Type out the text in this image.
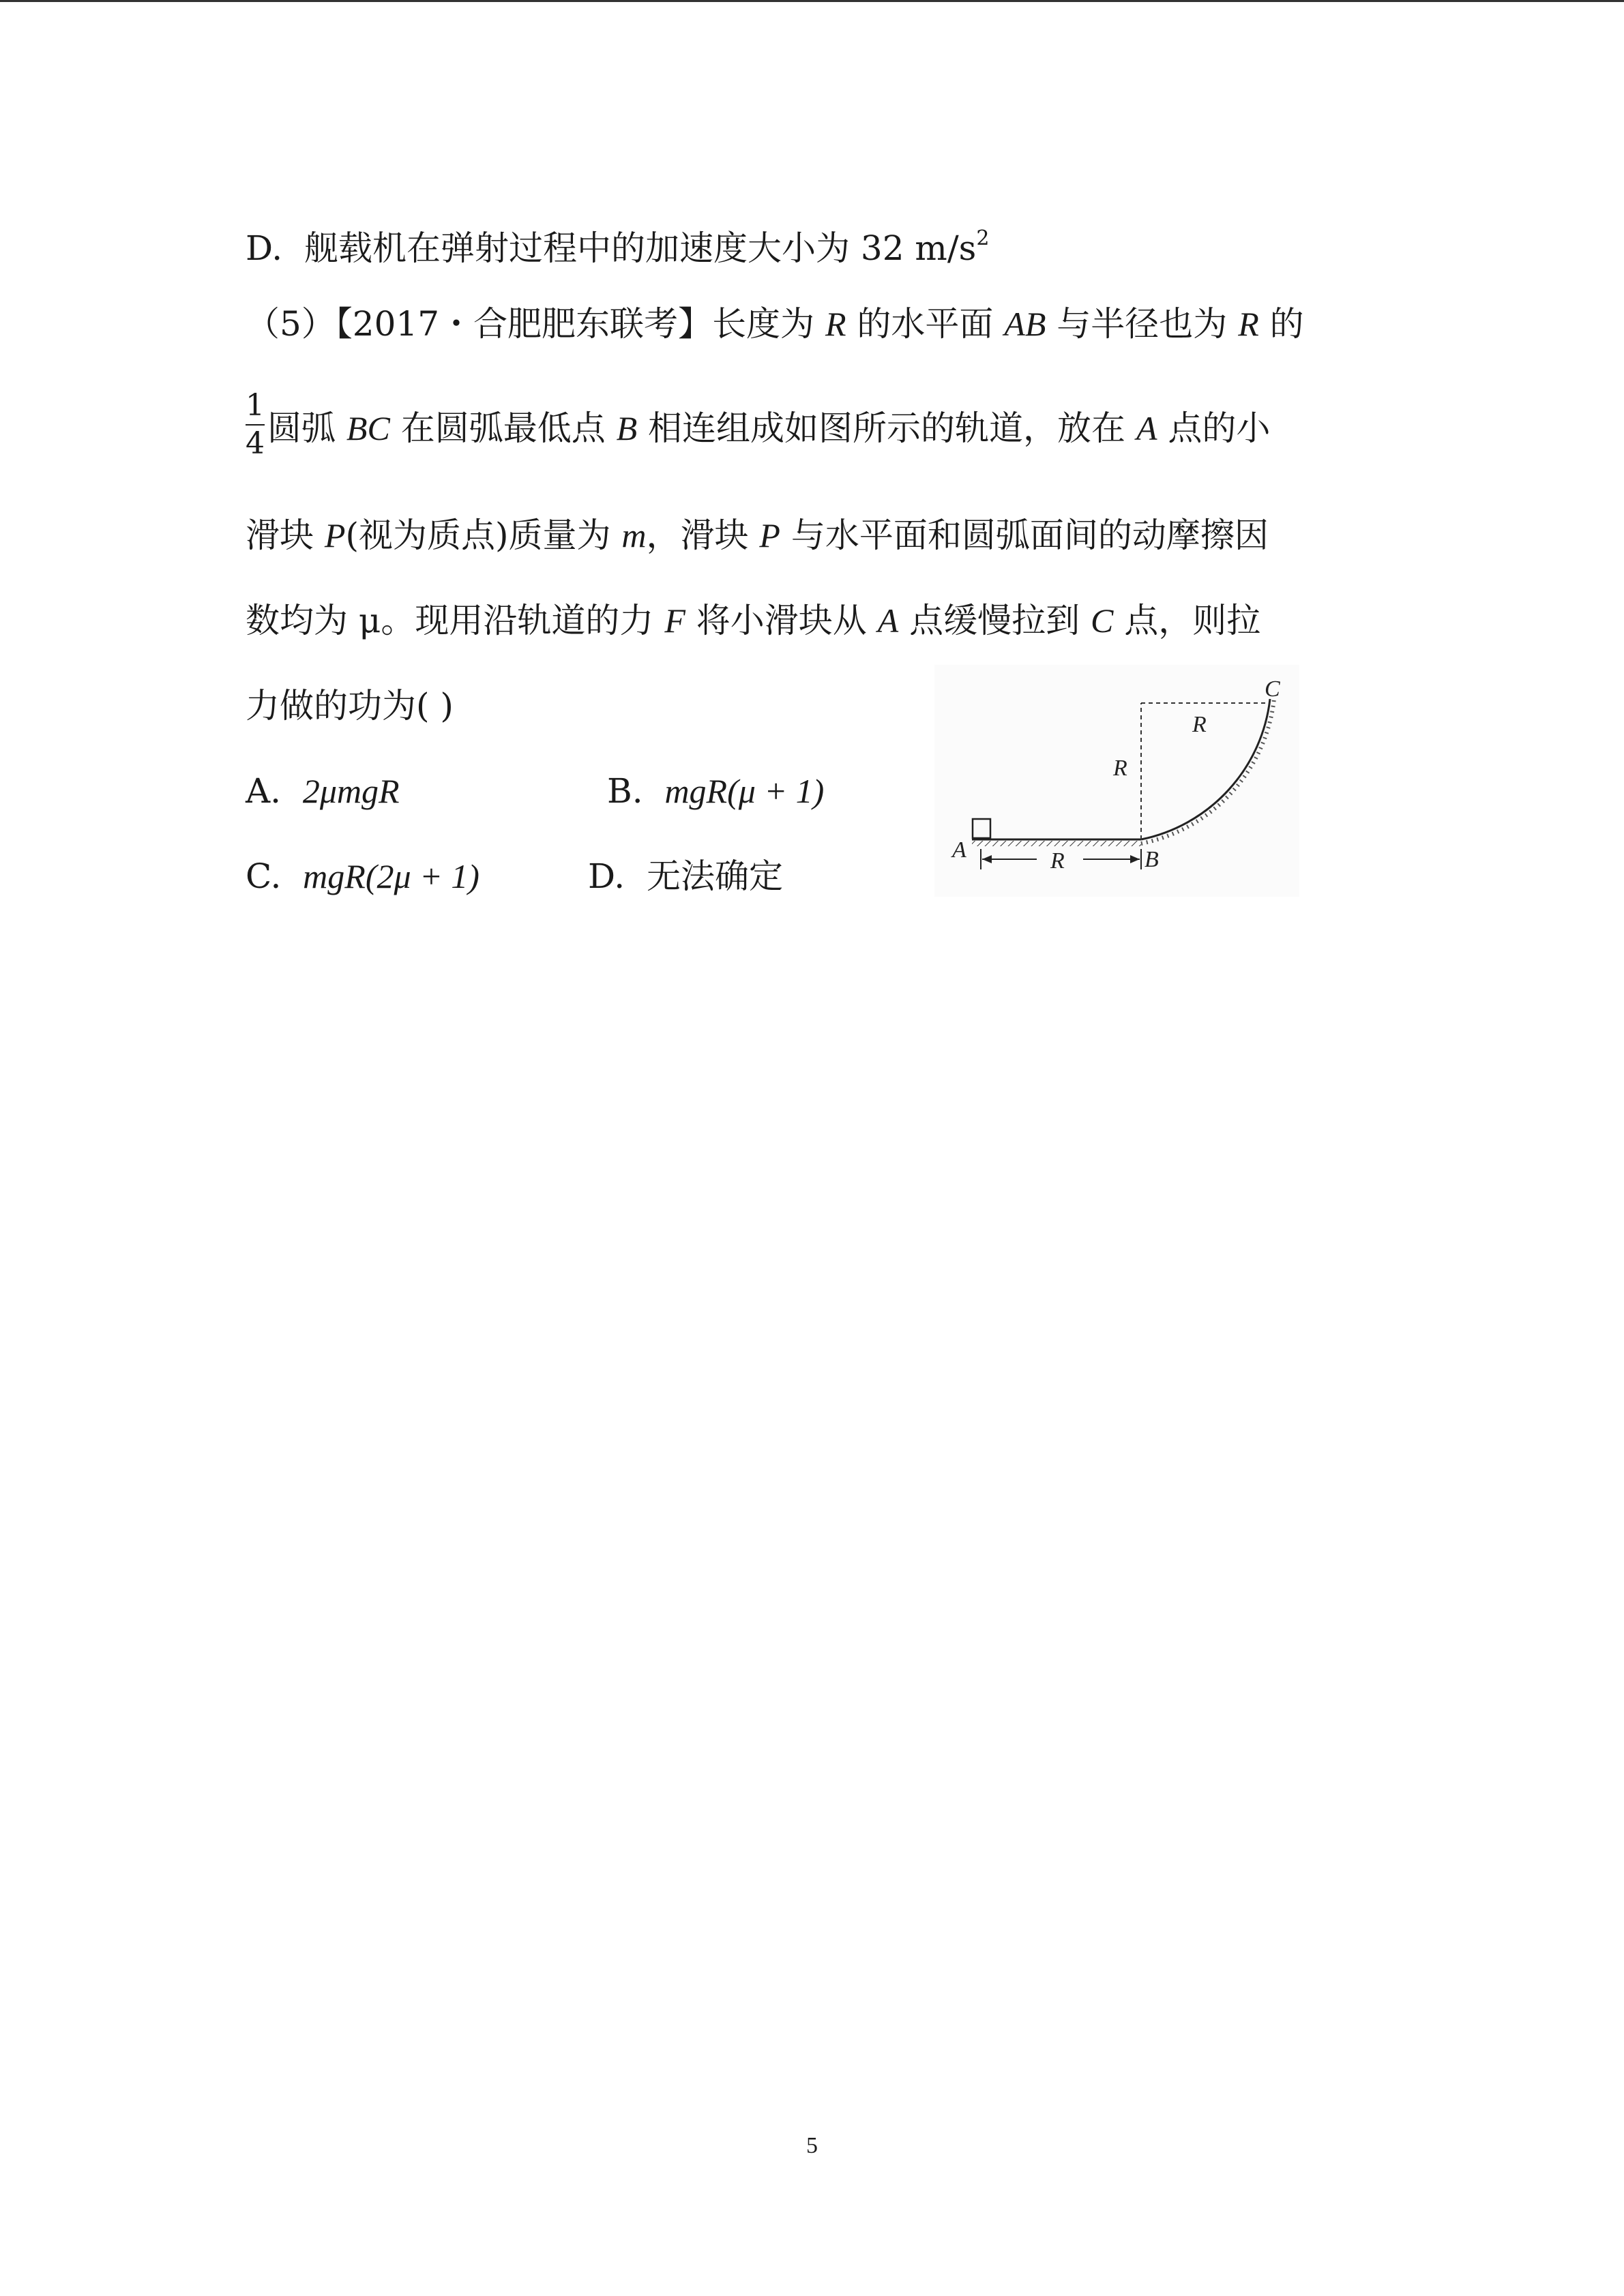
D. 舰载机在弹射过程中的加速度大小为 32 $m/s^2$
（5）【2017・合肥肥东联考】长度为 R 的水平面 AB 与半径也为 R 的
1
4 圆弧 BC 在圆弧最低点 B 相连组成如图所示的轨道，放在 A 点的小
滑块 P(视为质点)质量为 m，滑块 P 与水平面和圆弧面间的动摩擦因
数均为 μ。现用沿轨道的力 F 将小滑块从 A 点缓慢拉到 C 点，则拉
力做的功为( )
A. 2μmgR	B. mgR(μ + 1)
C. mgR(2μ + 1)	D. 无法确定
A	B
C
R
R
R
5
